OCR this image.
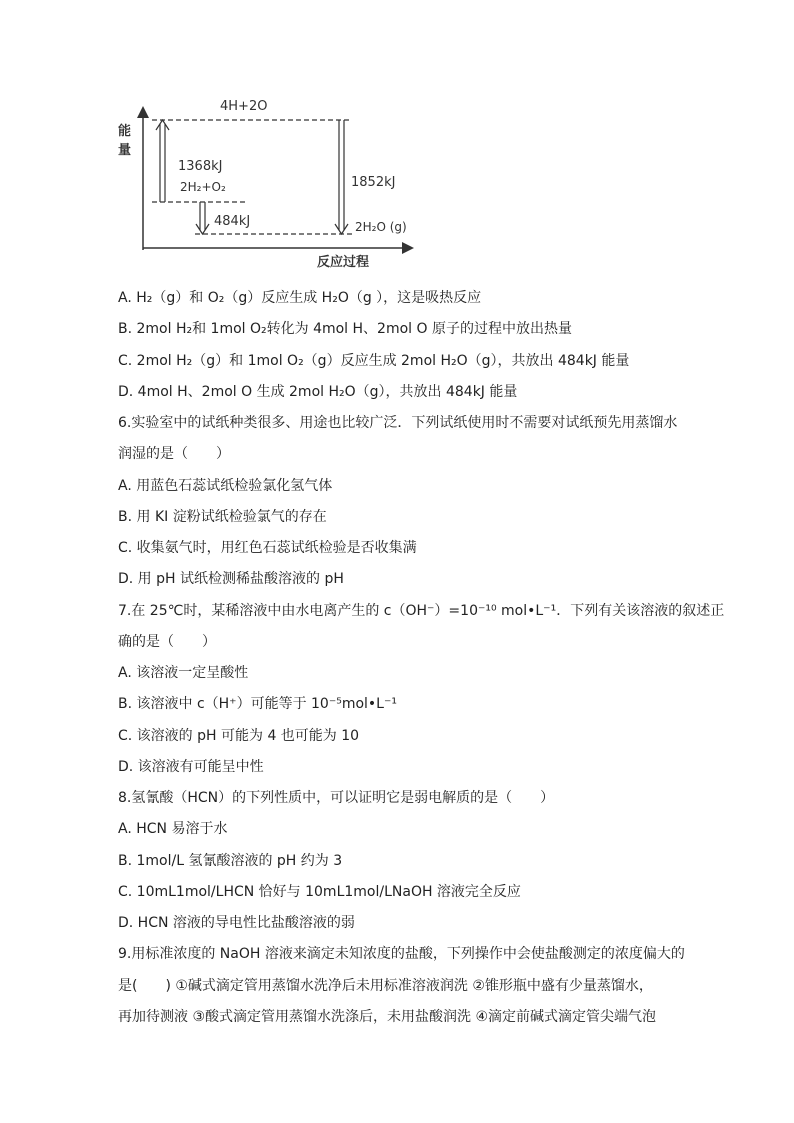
能
量
反应过程
4H+2O
2H₂+O₂
2H₂O (g)
1368kJ
484kJ
1852kJ
A. H₂（g）和 O₂（g）反应生成 H₂O（g ），这是吸热反应
B. 2mol H₂和 1mol O₂转化为 4mol H、2mol O 原子的过程中放出热量
C. 2mol H₂（g）和 1mol O₂（g）反应生成 2mol H₂O（g），共放出 484kJ 能量
D. 4mol H、2mol O 生成 2mol H₂O（g），共放出 484kJ 能量
6.实验室中的试纸种类很多、用途也比较广泛．下列试纸使用时不需要对试纸预先用蒸馏水
润湿的是（　　）
A. 用蓝色石蕊试纸检验氯化氢气体
B. 用 KI 淀粉试纸检验氯气的存在
C. 收集氨气时，用红色石蕊试纸检验是否收集满
D. 用 pH 试纸检测稀盐酸溶液的 pH
7.在 25℃时，某稀溶液中由水电离产生的 c（OH⁻）=10⁻¹⁰ mol•L⁻¹．下列有关该溶液的叙述正
确的是（　　）
A. 该溶液一定呈酸性
B. 该溶液中 c（H⁺）可能等于 10⁻⁵mol•L⁻¹
C. 该溶液的 pH 可能为 4 也可能为 10
D. 该溶液有可能呈中性
8.氢氰酸（HCN）的下列性质中，可以证明它是弱电解质的是（　　）
A. HCN 易溶于水
B. 1mol/L 氢氰酸溶液的 pH 约为 3
C. 10mL1mol/LHCN 恰好与 10mL1mol/LNaOH 溶液完全反应
D. HCN 溶液的导电性比盐酸溶液的弱
9.用标准浓度的 NaOH 溶液来滴定未知浓度的盐酸，下列操作中会使盐酸测定的浓度偏大的
是(　　) ①碱式滴定管用蒸馏水洗净后未用标准溶液润洗 ②锥形瓶中盛有少量蒸馏水，
再加待测液 ③酸式滴定管用蒸馏水洗涤后，未用盐酸润洗 ④滴定前碱式滴定管尖端气泡
